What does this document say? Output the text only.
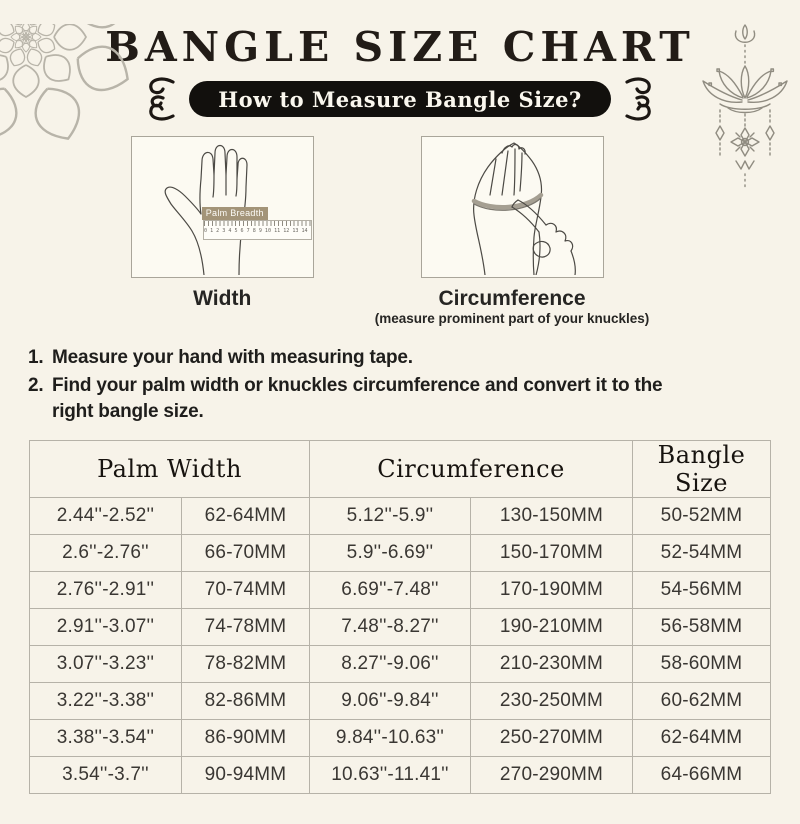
BANGLE SIZE CHART
How to Measure Bangle Size?
0 1 2 3 4 5 6 7 8 9 10 11 12 13 14
Palm Breadth
Width	Circumference
(measure prominent part of your knuckles)
1. Measure your hand with measuring tape.
2. Find your palm width or knuckles circumference and convert it to the
right bangle size.
Palm Width		Circumference		Bangle Size
2.44''-2.52''	62-64MM	5.12''-5.9''	130-150MM	50-52MM
2.6''-2.76''	66-70MM	5.9''-6.69''	150-170MM	52-54MM
2.76''-2.91''	70-74MM	6.69''-7.48''	170-190MM	54-56MM
2.91''-3.07''	74-78MM	7.48''-8.27''	190-210MM	56-58MM
3.07''-3.23''	78-82MM	8.27''-9.06''	210-230MM	58-60MM
3.22''-3.38''	82-86MM	9.06''-9.84''	230-250MM	60-62MM
3.38''-3.54''	86-90MM	9.84''-10.63''	250-270MM	62-64MM
3.54''-3.7''	90-94MM	10.63''-11.41''	270-290MM	64-66MM
